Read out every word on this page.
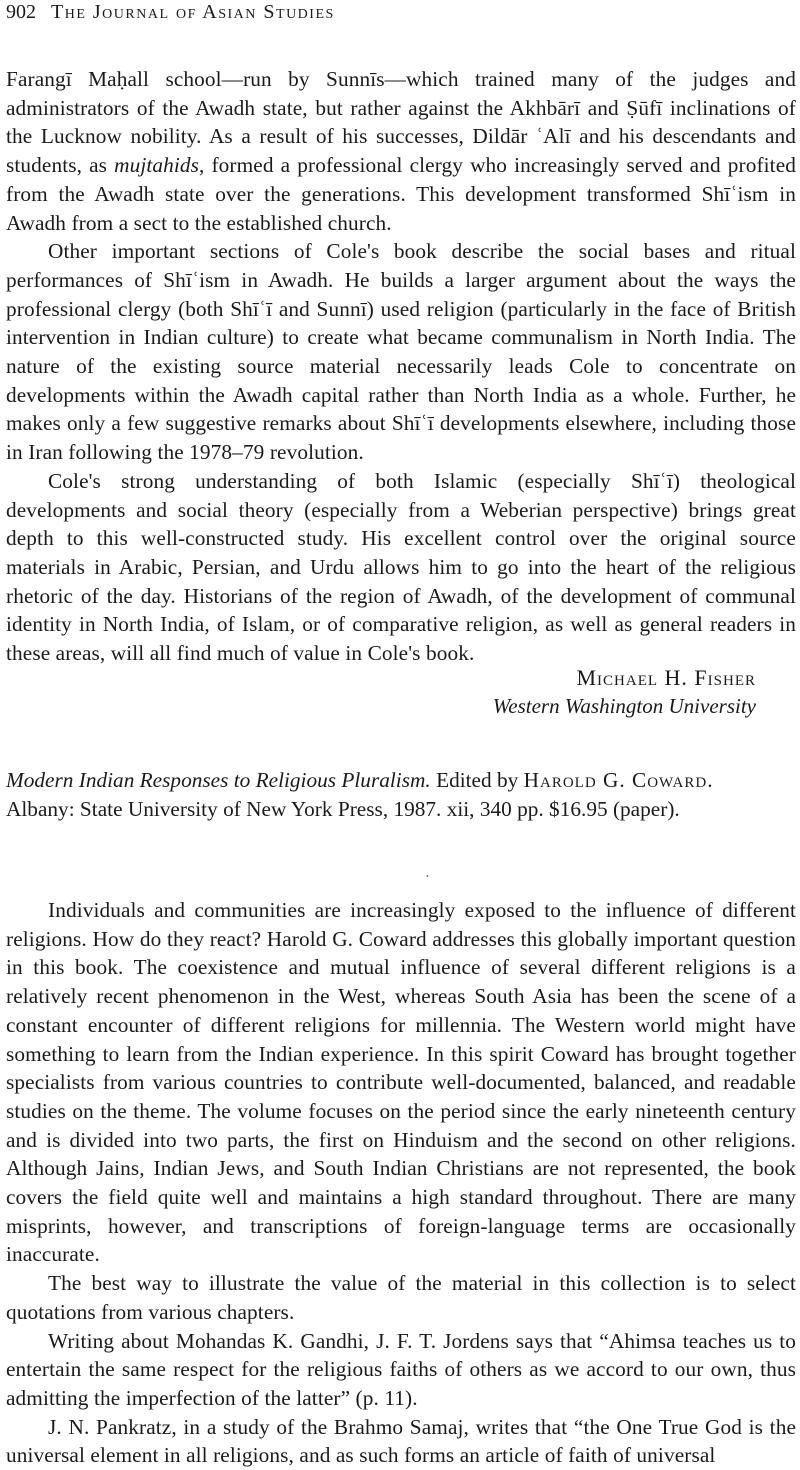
902 The Journal of Asian Studies

Farangī Maḥall school—run by Sunnīs—which trained many of the judges and administrators of the Awadh state, but rather against the Akhbārī and Ṣūfī inclinations of the Lucknow nobility. As a result of his successes, Dildār ʿAlī and his descendants and students, as mujtahids, formed a professional clergy who increasingly served and profited from the Awadh state over the generations. This development transformed Shīʿism in Awadh from a sect to the established church.

Other important sections of Cole's book describe the social bases and ritual performances of Shīʿism in Awadh. He builds a larger argument about the ways the professional clergy (both Shīʿī and Sunnī) used religion (particularly in the face of British intervention in Indian culture) to create what became communalism in North India. The nature of the existing source material necessarily leads Cole to concentrate on developments within the Awadh capital rather than North India as a whole. Further, he makes only a few suggestive remarks about Shīʿī developments elsewhere, including those in Iran following the 1978–79 revolution.

Cole's strong understanding of both Islamic (especially Shīʿī) theological developments and social theory (especially from a Weberian perspective) brings great depth to this well-constructed study. His excellent control over the original source materials in Arabic, Persian, and Urdu allows him to go into the heart of the religious rhetoric of the day. Historians of the region of Awadh, of the development of communal identity in North India, of Islam, or of comparative religion, as well as general readers in these areas, will all find much of value in Cole's book.

Michael H. Fisher
Western Washington University
Modern Indian Responses to Religious Pluralism. Edited by Harold G. Coward. Albany: State University of New York Press, 1987. xii, 340 pp. $16.95 (paper).
•

Individuals and communities are increasingly exposed to the influence of different religions. How do they react? Harold G. Coward addresses this globally important question in this book. The coexistence and mutual influence of several different religions is a relatively recent phenomenon in the West, whereas South Asia has been the scene of a constant encounter of different religions for millennia. The Western world might have something to learn from the Indian experience. In this spirit Coward has brought together specialists from various countries to contribute well-documented, balanced, and readable studies on the theme. The volume focuses on the period since the early nineteenth century and is divided into two parts, the first on Hinduism and the second on other religions. Although Jains, Indian Jews, and South Indian Christians are not represented, the book covers the field quite well and maintains a high standard throughout. There are many misprints, however, and transcriptions of foreign-language terms are occasionally inaccurate.

The best way to illustrate the value of the material in this collection is to select quotations from various chapters.

Writing about Mohandas K. Gandhi, J. F. T. Jordens says that “Ahimsa teaches us to entertain the same respect for the religious faiths of others as we accord to our own, thus admitting the imperfection of the latter” (p. 11).

J. N. Pankratz, in a study of the Brahmo Samaj, writes that “the One True God is the universal element in all religions, and as such forms an article of faith of universal
